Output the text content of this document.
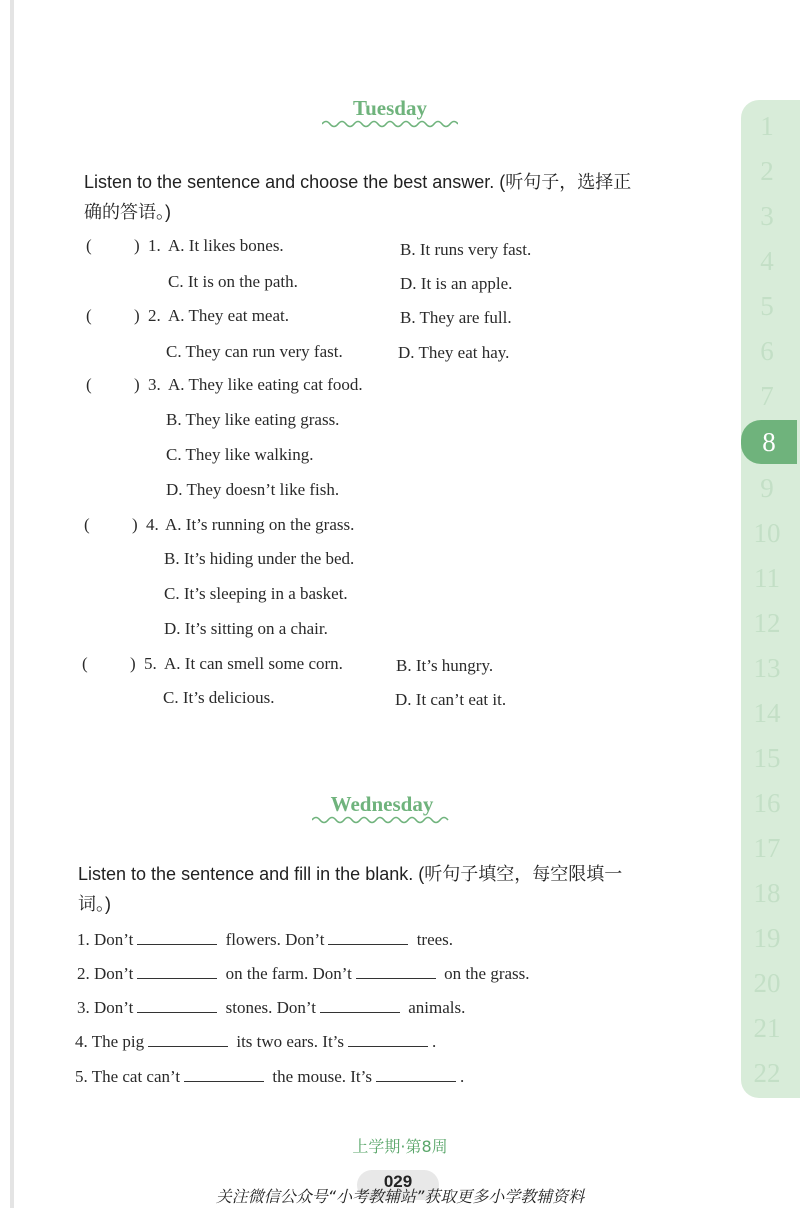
Tuesday
Listen to the sentence and choose the best answer. (听句子，选择正
确的答语。)
( ) 1. A. It likes bones.	B. It runs very fast.
C. It is on the path.	D. It is an apple.
( ) 2. A. They eat meat.	B. They are full.
C. They can run very fast.	D. They eat hay.
( ) 3. A. They like eating cat food.
B. They like eating grass.
C. They like walking.
D. They doesn’t like fish.
( ) 4. A. It’s running on the grass.
B. It’s hiding under the bed.
C. It’s sleeping in a basket.
D. It’s sitting on a chair.
( ) 5. A. It can smell some corn.	B. It’s hungry.
C. It’s delicious.	D. It can’t eat it.
Wednesday
Listen to the sentence and fill in the blank. (听句子填空，每空限填一
词。)
1. Don’t	flowers. Don’t	trees.
2. Don’t	on the farm. Don’t	on the grass.
3. Don’t	stones. Don’t	animals.
4. The pig	its two ears. It’s	.
5. The cat can’t	the mouse. It’s	.
1
2
3
4
5
6
7
8
9
10
11
12
13
14
15
16
17
18
19
20
21
22
上学期·第8周
029
关注微信公众号“小考教辅站”获取更多小学教辅资料
